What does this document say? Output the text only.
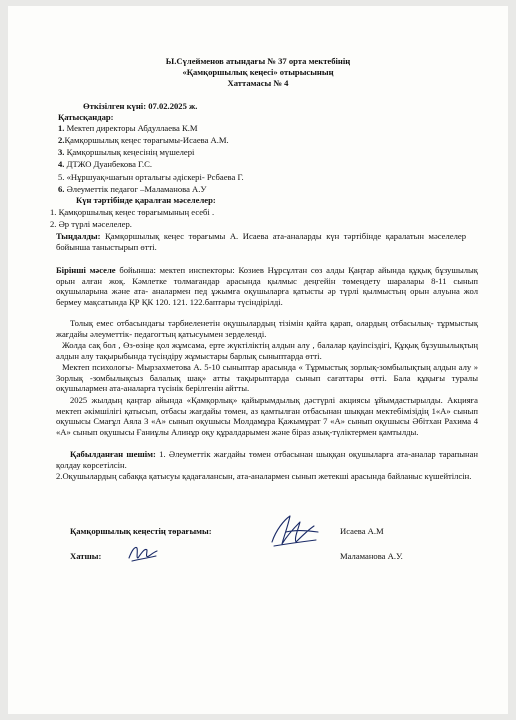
Ы.Сүлейменов атындағы № 37 орта мектебінің
«Қамқоршылық кеңесі» отырысының
Хаттамасы № 4
Өткізілген күні: 07.02.2025 ж.
Қатысқандар:
1. Мектеп директоры Абдуллаева К.М
2.Қамқоршылық кеңес төрағымы-Исаева А.М.
3. Қамқоршылық кеңесінің мүшелері
4. ДТЖО Дуанбекова Г.С.
5. «Нұршуақ»шағын орталығы әдіскері- Рсбаева Г.
6. Әлеуметтік педагог –Маламанова А.У
Күн тәртібінде қаралған мәселелер:
1. Қамқоршылық кеңес төрағымының есебі .
2. Әр түрлі мәселелер.
Тыңдалды: Қамқоршылық кеңес төрағымы А. Исаева ата-аналарды күн тәртібінде қаралатын мәселелер бойынша таныстырып өтті.
Бірінші мәселе бойынша: мектеп инспекторы: Козиев Нұрсұлтан сөз алды Қаңтар айында құқық бұзушылық орын алған жоқ. Кәмлетке толмағандар арасында қылмыс деңгейін төмендету шаралары 8-11 сынып оқушыларына және ата- аналармен пед ұжымға оқушыларға қатысты әр түрлі қылмыстың орын алуына жол бермеу мақсатында ҚР ҚК 120. 121. 122.баптары түсіндірілді.
Толық емес отбасындағы тәрбиеленетін оқушылардың тізімін қайта қарап, олардың отбасылық- тұрмыстық жағдайы әлеуметтік- педагогтың қатысуымен зерделенді.
Жолда сақ бол , Өз-өзіңе қол жұмсама, ерте жүктіліктің алдын алу , балалар қауіпсіздігі, Құқық бұзушылықтың алдын алу тақырыбында түсіндіру жұмыстары барлық сыныптарда өтті.
Мектеп психологы- Мырзахметова А. 5-10 сыныптар арасында « Тұрмыстық зорлық-зомбылықтың алдын алу » Зорлық -зомбылықсыз балалық шақ» атты тақырыптарда сынып сағаттары өтті. Бала құқығы туралы оқушылармен ата-аналарға түсінік берілгенін айтты.
2025 жылдың қаңтар айында «Қамқорлық» қайырымдылық дәстүрлі акциясы ұйымдастырылды. Акцияға мектеп әкімшілігі қатысып, отбасы жағдайы төмен, аз қамтылған отбасынан шыққан мектебімізідің 1«А» сынып оқушысы Смағұл Аяла 3 «А» сынып оқушысы Молдамұра Қажымұрат 7 «А» сынып оқушысы Әбітхан Рахима 4 «А» сынып оқушысы Ғаниұлы Алинұр оқу құралдарымен және біраз азық-түліктермен қамтылды.
Қабылданған шешім: 1. Әлеуметтік жағдайы төмен отбасынан шыққан оқушыларға ата-аналар тарапынан қолдау көрсетілсін.
2.Оқушылардың сабаққа қатысуы қадағалансын, ата-аналармен сынып жетекші арасында байланыс күшейтілсін.
Қамқоршылық кеңестің төрағымы:	Исаева А.М
Хатшы:	Маламанова А.У.
